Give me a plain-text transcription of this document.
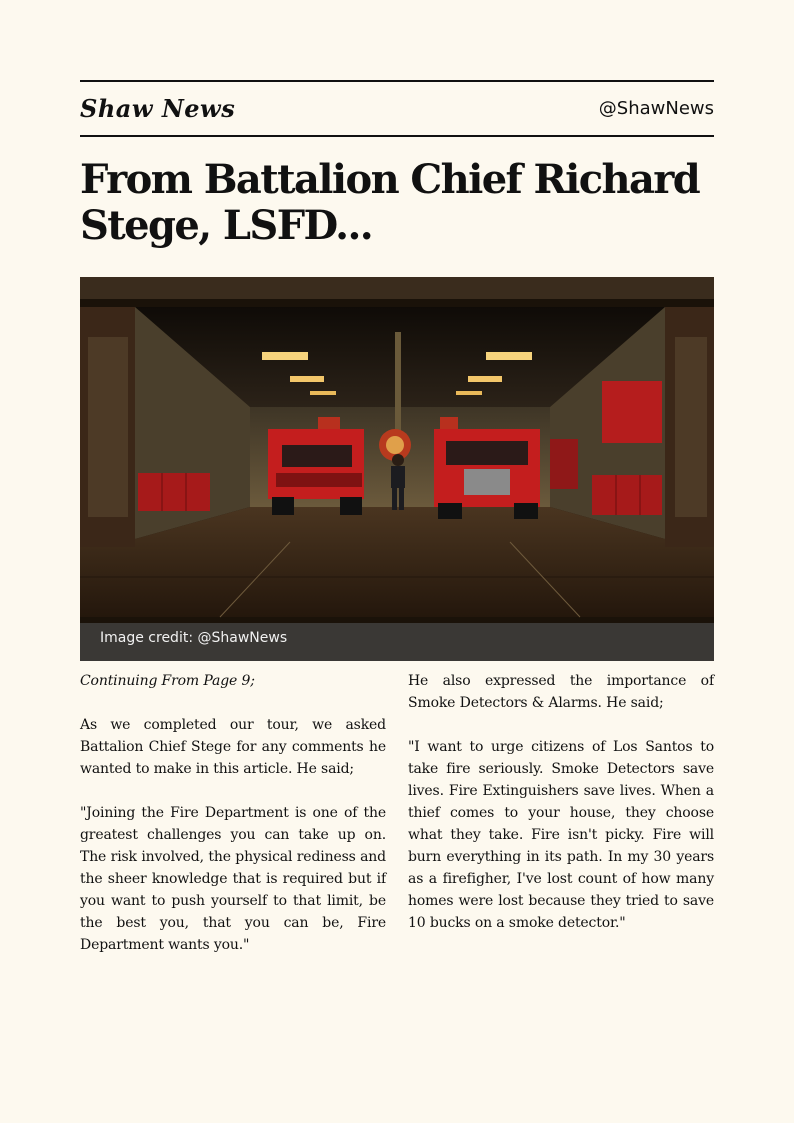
Shaw News	@ShawNews
From Battalion Chief Richard Stege, LSFD...
Image credit: @ShawNews

Continuing From Page 9;

As we completed our tour, we asked Battalion Chief Stege for any comments he wanted to make in this article. He said;

"Joining the Fire Department is one of the greatest challenges you can take up on. The risk involved, the physical rediness and the sheer knowledge that is required but if you want to push yourself to that limit, be the best you, that you can be, Fire Department wants you."

He also expressed the importance of Smoke Detectors & Alarms. He said;

"I want to urge citizens of Los Santos to take fire seriously. Smoke Detectors save lives. Fire Extinguishers save lives. When a thief comes to your house, they choose what they take. Fire isn't picky. Fire will burn everything in its path. In my 30 years as a firefigher, I've lost count of how many homes were lost because they tried to save 10 bucks on a smoke detector."
